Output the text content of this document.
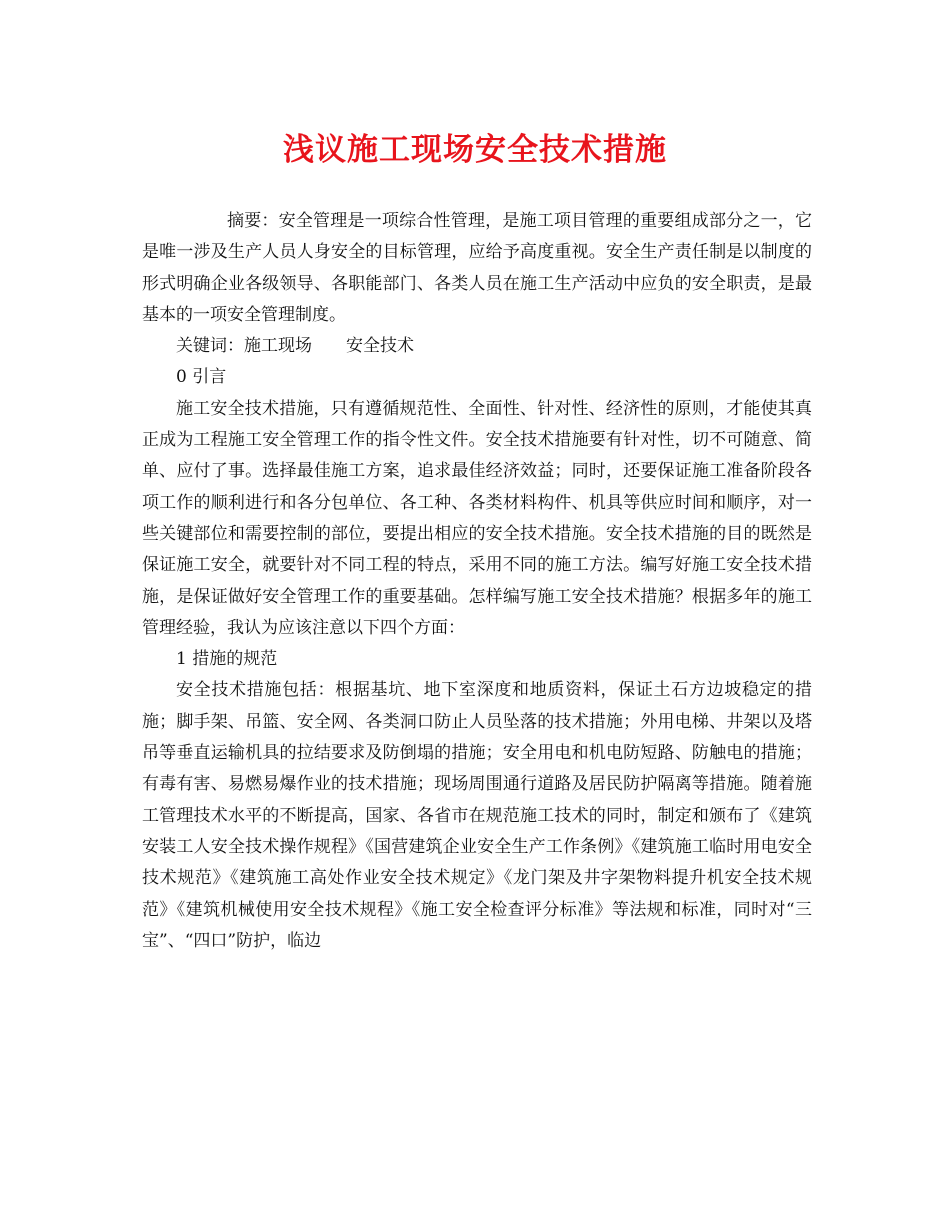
浅议施工现场安全技术措施

摘要：安全管理是一项综合性管理，是施工项目管理的重要组成部分之一，它是唯一涉及生产人员人身安全的目标管理，应给予高度重视。安全生产责任制是以制度的形式明确企业各级领导、各职能部门、各类人员在施工生产活动中应负的安全职责，是最基本的一项安全管理制度。

关键词：施工现场 安全技术

0 引言

施工安全技术措施，只有遵循规范性、全面性、针对性、经济性的原则，才能使其真正成为工程施工安全管理工作的指令性文件。安全技术措施要有针对性，切不可随意、简单、应付了事。选择最佳施工方案，追求最佳经济效益；同时，还要保证施工准备阶段各项工作的顺利进行和各分包单位、各工种、各类材料构件、机具等供应时间和顺序，对一些关键部位和需要控制的部位，要提出相应的安全技术措施。安全技术措施的目的既然是保证施工安全，就要针对不同工程的特点，采用不同的施工方法。编写好施工安全技术措施，是保证做好安全管理工作的重要基础。怎样编写施工安全技术措施？根据多年的施工管理经验，我认为应该注意以下四个方面：

1 措施的规范

安全技术措施包括：根据基坑、地下室深度和地质资料，保证土石方边坡稳定的措施；脚手架、吊篮、安全网、各类洞口防止人员坠落的技术措施；外用电梯、井架以及塔吊等垂直运输机具的拉结要求及防倒塌的措施；安全用电和机电防短路、防触电的措施；有毒有害、易燃易爆作业的技术措施；现场周围通行道路及居民防护隔离等措施。随着施工管理技术水平的不断提高，国家、各省市在规范施工技术的同时，制定和颁布了《建筑安装工人安全技术操作规程》《国营建筑企业安全生产工作条例》《建筑施工临时用电安全技术规范》《建筑施工高处作业安全技术规定》《龙门架及井字架物料提升机安全技术规范》《建筑机械使用安全技术规程》《施工安全检查评分标准》等法规和标准，同时对“三宝”、“四口”防护，临边
